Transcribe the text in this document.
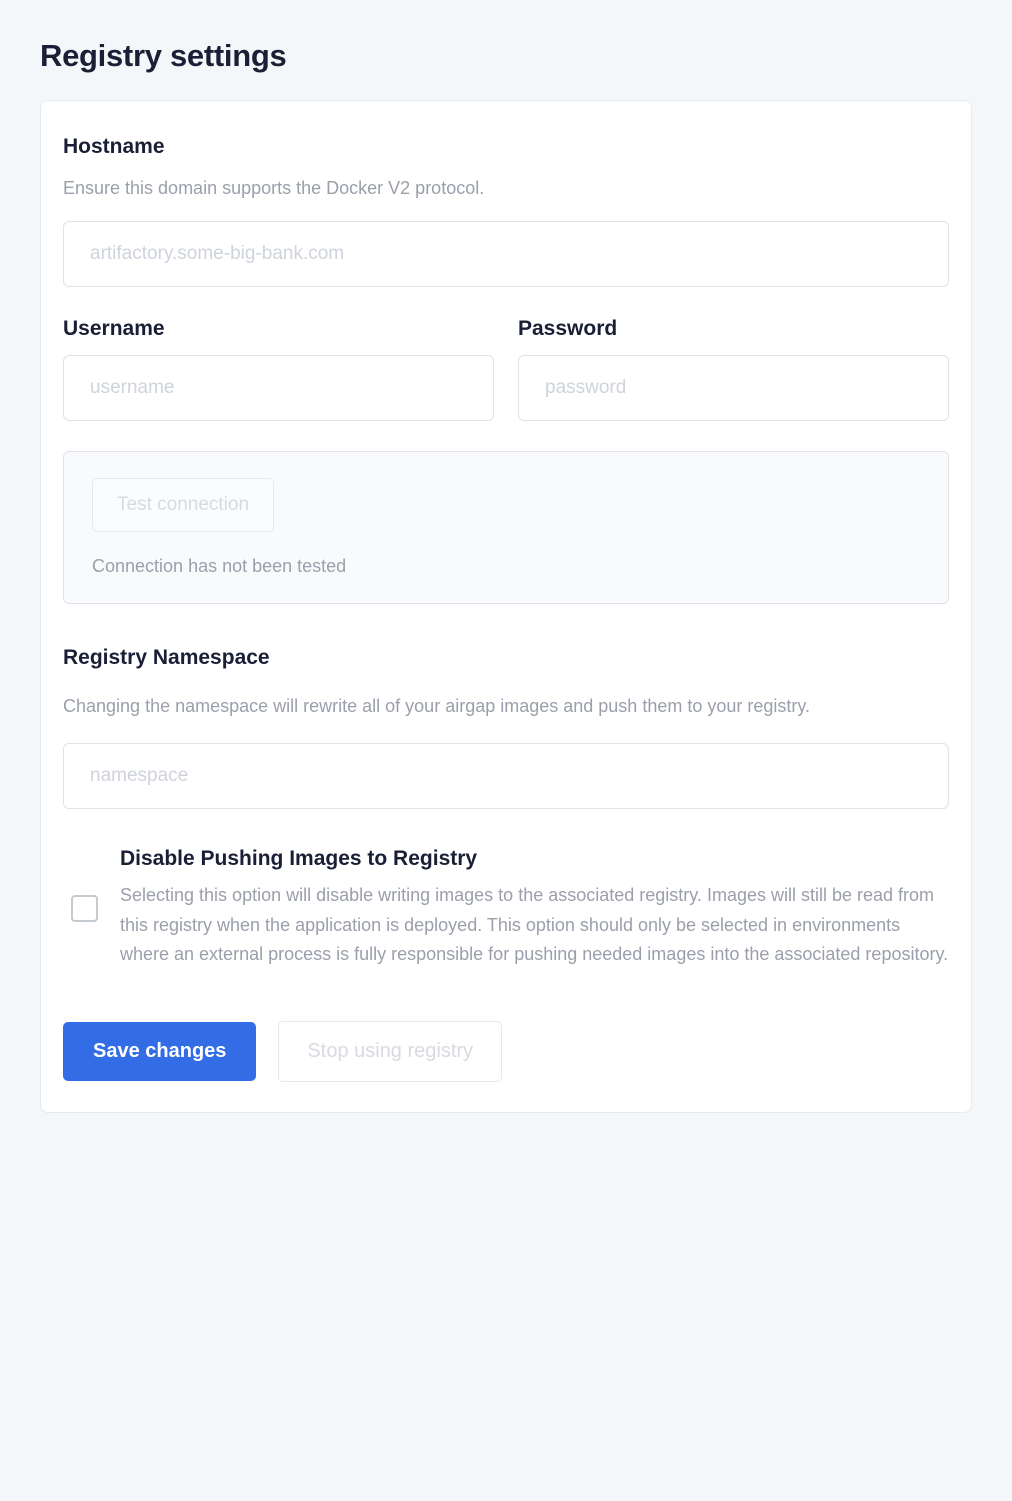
Registry settings
Hostname
Ensure this domain supports the Docker V2 protocol.
artifactory.some-big-bank.com
Username
username	Password
Test connection
Connection has not been tested
Registry Namespace
Changing the namespace will rewrite all of your airgap images and push them to your registry.
namespace
Disable Pushing Images to Registry
Selecting this option will disable writing images to the associated registry. Images will still be read from this registry when the application is deployed. This option should only be selected in environments where an external process is fully responsible for pushing needed images into the associated repository.
Save changes	Stop using registry
